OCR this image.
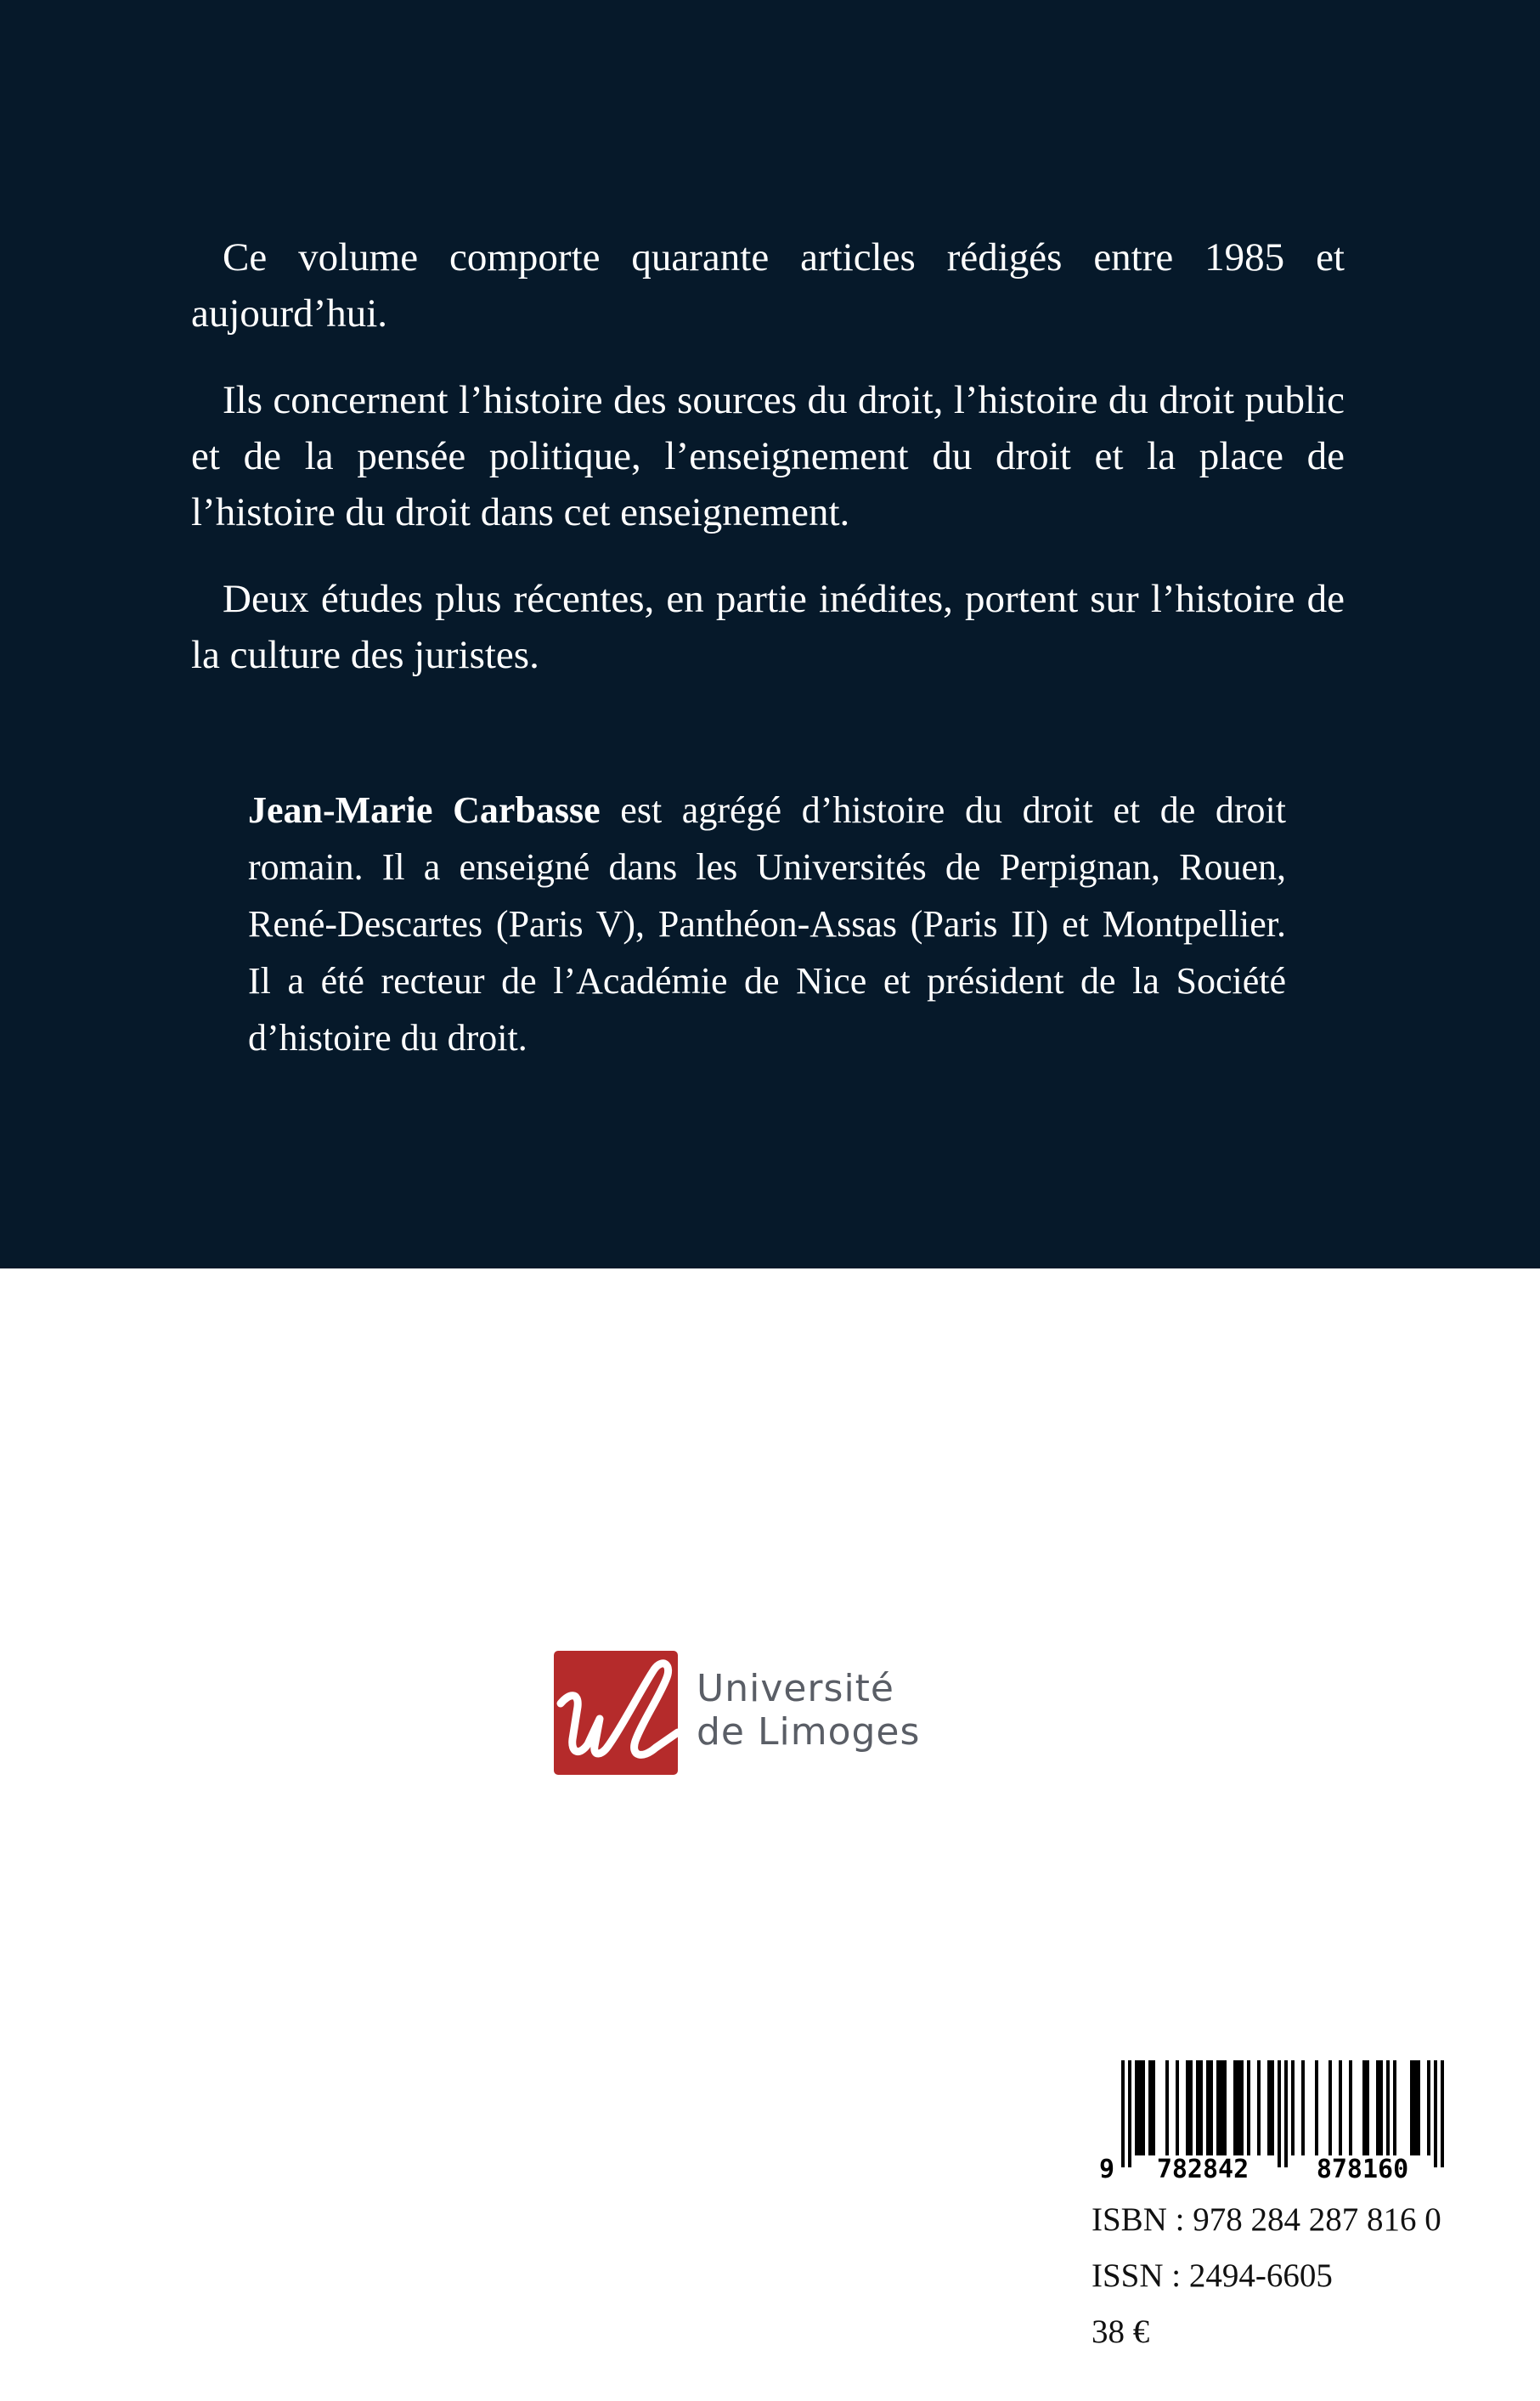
Ce volume comporte quarante articles rédigés entre 1985 et aujourd’hui.

Ils concernent l’histoire des sources du droit, l’histoire du droit public et de la pensée politique, l’enseignement du droit et la place de l’histoire du droit dans cet enseignement.

Deux études plus récentes, en partie inédites, portent sur l’histoire de la culture des juristes.

Jean-Marie Carbasse est agrégé d’histoire du droit et de droit romain. Il a enseigné dans les Universités de Perpignan, Rouen, René-Descartes (Paris V), Panthéon-Assas (Paris II) et Montpellier. Il a été recteur de l’Académie de Nice et président de la Société d’histoire du droit.

Université
de Limoges
9 782842	878160
ISBN : 978 284 287 816 0
ISSN : 2494-6605
38 €
